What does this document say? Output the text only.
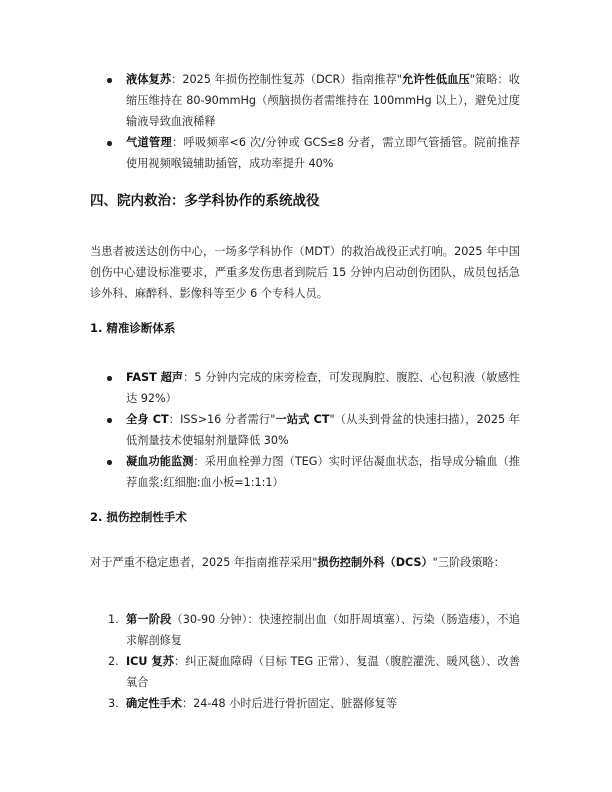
液体复苏：2025 年损伤控制性复苏（DCR）指南推荐"允许性低血压"策略：收缩压维持在 80-90mmHg（颅脑损伤者需维持在 100mmHg 以上），避免过度输液导致血液稀释
气道管理：呼吸频率<6 次/分钟或 GCS≤8 分者，需立即气管插管。院前推荐使用视频喉镜辅助插管，成功率提升 40%
四、院内救治：多学科协作的系统战役

当患者被送达创伤中心，一场多学科协作（MDT）的救治战役正式打响。2025 年中国创伤中心建设标准要求，严重多发伤患者到院后 15 分钟内启动创伤团队，成员包括急诊外科、麻醉科、影像科等至少 6 个专科人员。

1. 精准诊断体系
FAST 超声：5 分钟内完成的床旁检查，可发现胸腔、腹腔、心包积液（敏感性达 92%）
全身 CT：ISS>16 分者需行"一站式 CT"（从头到骨盆的快速扫描），2025 年低剂量技术使辐射剂量降低 30%
凝血功能监测：采用血栓弹力图（TEG）实时评估凝血状态，指导成分输血（推荐血浆:红细胞:血小板=1:1:1）
2. 损伤控制性手术

对于严重不稳定患者，2025 年指南推荐采用"损伤控制外科（DCS）"三阶段策略：

1. 第一阶段（30-90 分钟）：快速控制出血（如肝周填塞）、污染（肠造瘘），不追求解剖修复
2. ICU 复苏：纠正凝血障碍（目标 TEG 正常）、复温（腹腔灌洗、暖风毯）、改善氧合
3. 确定性手术：24-48 小时后进行骨折固定、脏器修复等
